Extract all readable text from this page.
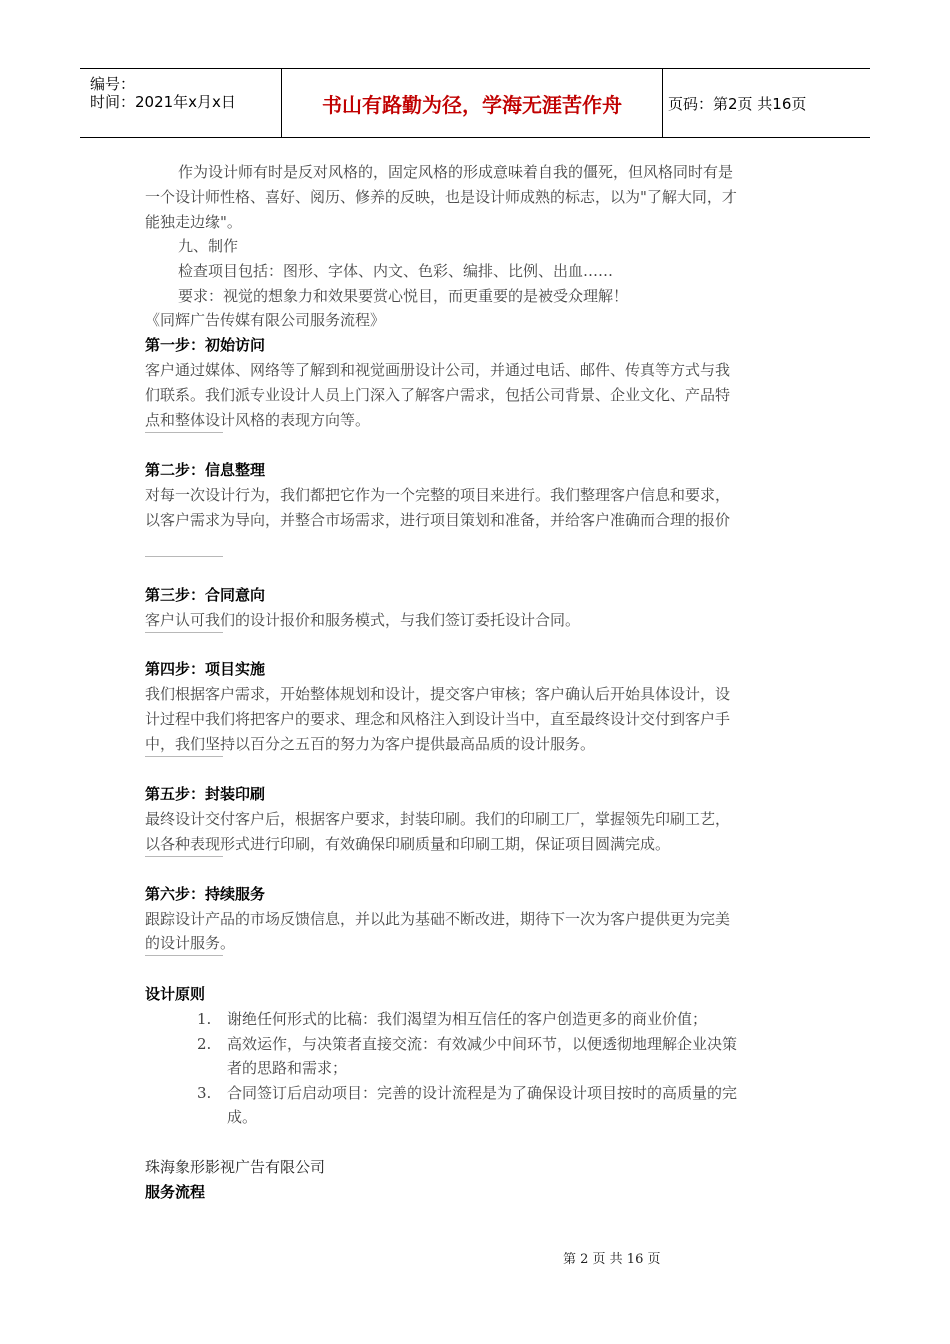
编号：
时间：2021年x月x日	书山有路勤为径，学海无涯苦作舟	页码：第2页 共16页
作为设计师有时是反对风格的，固定风格的形成意味着自我的僵死，但风格同时有是
一个设计师性格、喜好、阅历、修养的反映，也是设计师成熟的标志，以为"了解大同，才
能独走边缘"。
九、制作
检查项目包括：图形、字体、内文、色彩、编排、比例、出血……
要求：视觉的想象力和效果要赏心悦目，而更重要的是被受众理解！
《同辉广告传媒有限公司服务流程》
第一步：初始访问
客户通过媒体、网络等了解到和视觉画册设计公司，并通过电话、邮件、传真等方式与我
们联系。我们派专业设计人员上门深入了解客户需求，包括公司背景、企业文化、产品特
点和整体设计风格的表现方向等。
第二步：信息整理
对每一次设计行为，我们都把它作为一个完整的项目来进行。我们整理客户信息和要求，
以客户需求为导向，并整合市场需求，进行项目策划和准备，并给客户准确而合理的报价
第三步：合同意向
客户认可我们的设计报价和服务模式，与我们签订委托设计合同。
第四步：项目实施
我们根据客户需求，开始整体规划和设计，提交客户审核；客户确认后开始具体设计，设
计过程中我们将把客户的要求、理念和风格注入到设计当中，直至最终设计交付到客户手
中，我们坚持以百分之五百的努力为客户提供最高品质的设计服务。
第五步：封装印刷
最终设计交付客户后，根据客户要求，封装印刷。我们的印刷工厂，掌握领先印刷工艺，
以各种表现形式进行印刷，有效确保印刷质量和印刷工期，保证项目圆满完成。
第六步：持续服务
跟踪设计产品的市场反馈信息，并以此为基础不断改进，期待下一次为客户提供更为完美
的设计服务。
设计原则
1. 谢绝任何形式的比稿：我们渴望为相互信任的客户创造更多的商业价值；
2. 高效运作，与决策者直接交流：有效减少中间环节，以便透彻地理解企业决策
者的思路和需求；
3. 合同签订后启动项目：完善的设计流程是为了确保设计项目按时的高质量的完
成。
珠海象形影视广告有限公司
服务流程
第 2 页 共 16 页
